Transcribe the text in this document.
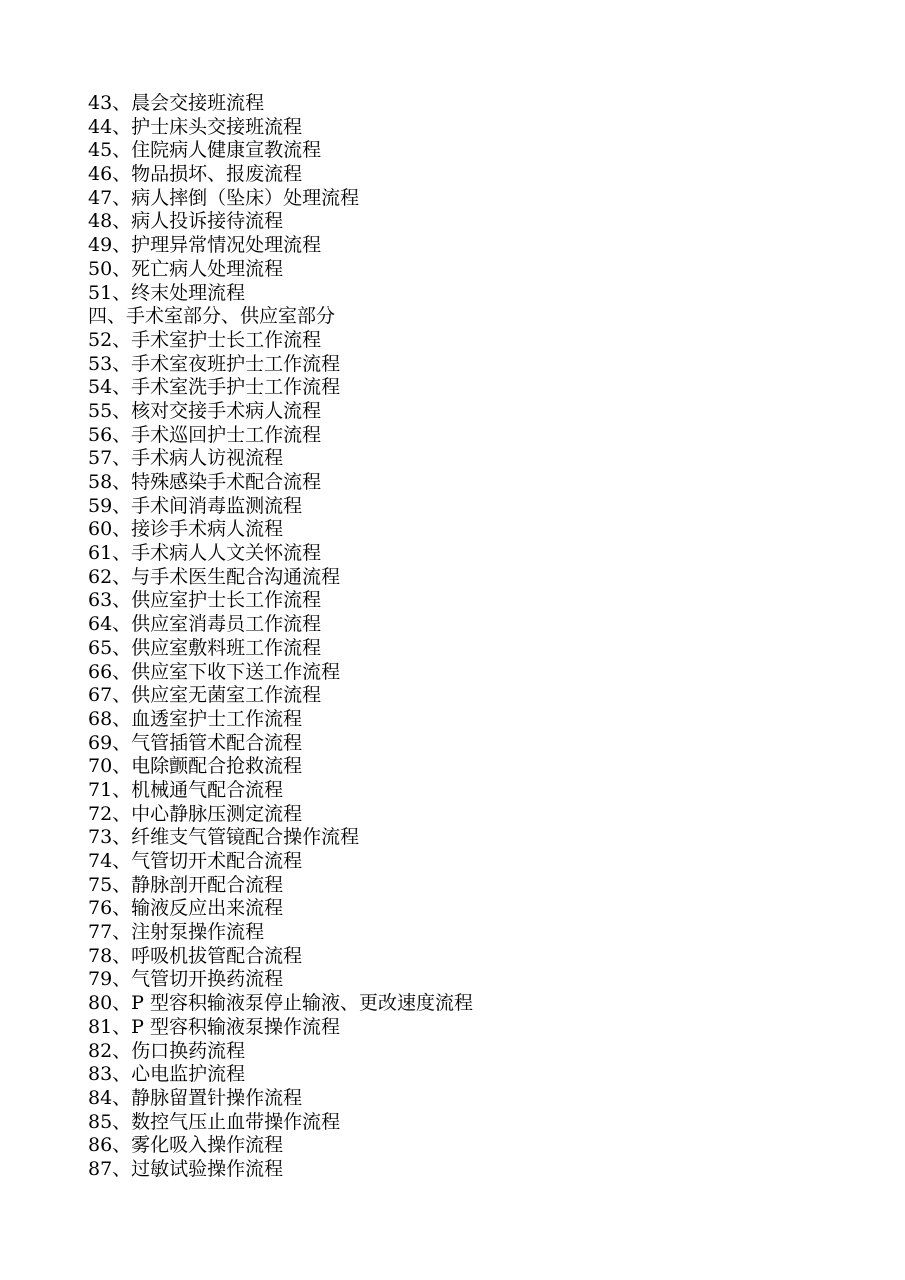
43、晨会交接班流程
44、护士床头交接班流程
45、住院病人健康宣教流程
46、物品损坏、报废流程
47、病人摔倒（坠床）处理流程
48、病人投诉接待流程
49、护理异常情况处理流程
50、死亡病人处理流程
51、终末处理流程
四、手术室部分、供应室部分
52、手术室护士长工作流程
53、手术室夜班护士工作流程
54、手术室洗手护士工作流程
55、核对交接手术病人流程
56、手术巡回护士工作流程
57、手术病人访视流程
58、特殊感染手术配合流程
59、手术间消毒监测流程
60、接诊手术病人流程
61、手术病人人文关怀流程
62、与手术医生配合沟通流程
63、供应室护士长工作流程
64、供应室消毒员工作流程
65、供应室敷料班工作流程
66、供应室下收下送工作流程
67、供应室无菌室工作流程
68、血透室护士工作流程
69、气管插管术配合流程
70、电除颤配合抢救流程
71、机械通气配合流程
72、中心静脉压测定流程
73、纤维支气管镜配合操作流程
74、气管切开术配合流程
75、静脉剖开配合流程
76、输液反应出来流程
77、注射泵操作流程
78、呼吸机拔管配合流程
79、气管切开换药流程
80、P 型容积输液泵停止输液、更改速度流程
81、P 型容积输液泵操作流程
82、伤口换药流程
83、心电监护流程
84、静脉留置针操作流程
85、数控气压止血带操作流程
86、雾化吸入操作流程
87、过敏试验操作流程
